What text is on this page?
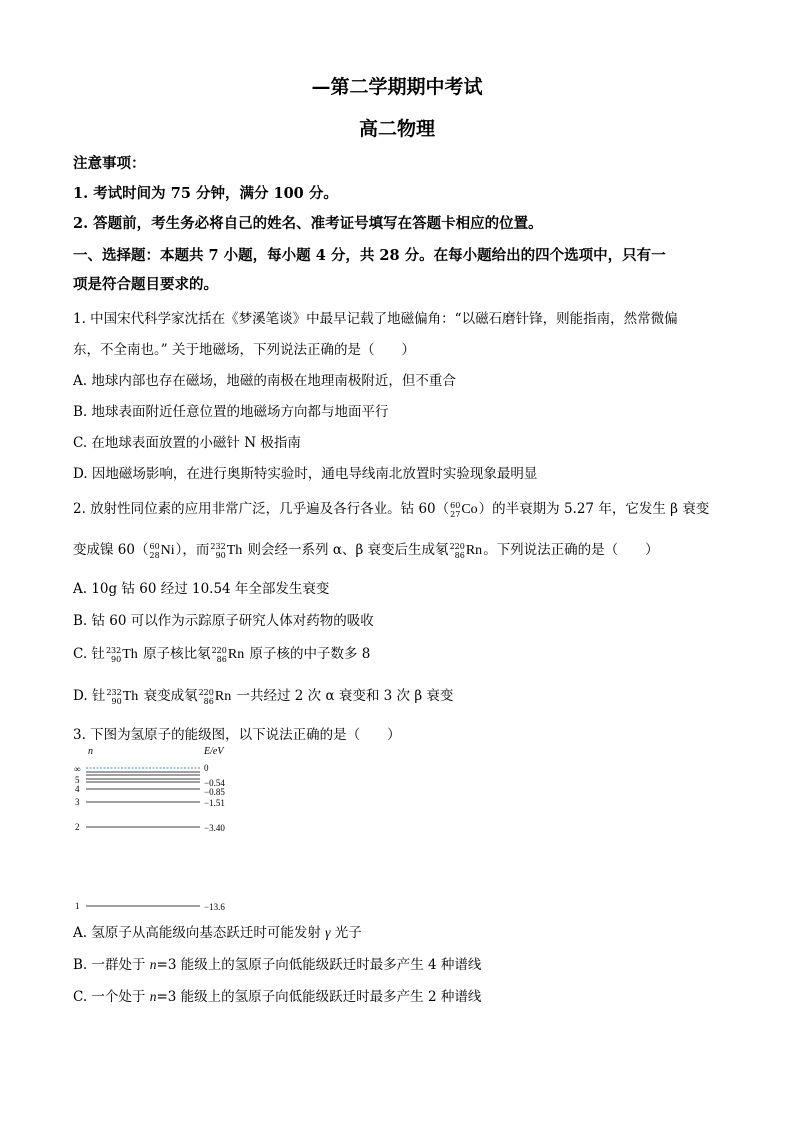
—第二学期期中考试
高二物理
注意事项：
1. 考试时间为 75 分钟，满分 100 分。
2. 答题前，考生务必将自己的姓名、准考证号填写在答题卡相应的位置。
一、选择题：本题共 7 小题，每小题 4 分，共 28 分。在每小题给出的四个选项中，只有一
项是符合题目要求的。
1. 中国宋代科学家沈括在《梦溪笔谈》中最早记载了地磁偏角：“以磁石磨针锋，则能指南，然常微偏
东，不全南也。” 关于地磁场，下列说法正确的是（　　）
A. 地球内部也存在磁场，地磁的南极在地理南极附近，但不重合
B. 地球表面附近任意位置的地磁场方向都与地面平行
C. 在地球表面放置的小磁针 N 极指南
D. 因地磁场影响，在进行奥斯特实验时，通电导线南北放置时实验现象最明显
2. 放射性同位素的应用非常广泛，几乎遍及各行各业。钴 60（ 60
27 Co ）的半衰期为 5.27 年，它发生 β 衰变
变成镍 60（ 60
28 Ni ），而 232
90 Th 则会经一系列 α、β 衰变后生成氡 220
86 Rn 。下列说法正确的是（　　）
A. 10g 钴 60 经过 10.54 年全部发生衰变
B. 钴 60 可以作为示踪原子研究人体对药物的吸收
C. 钍 232
90 Th 原子核比氡 220
86 Rn 原子核的中子数多 8
D. 钍 232
90 Th 衰变成氡 220
86 Rn 一共经过 2 次 α 衰变和 3 次 β 衰变
3. 下图为氢原子的能级图，以下说法正确的是（　　）
n	E/eV
∞
5
4
3
2
1
0
−0.54
−0.85
−1.51
−3.40
−13.6
A. 氢原子从高能级向基态跃迁时可能发射 γ 光子
B. 一群处于 n=3 能级上的氢原子向低能级跃迁时最多产生 4 种谱线
C. 一个处于 n=3 能级上的氢原子向低能级跃迁时最多产生 2 种谱线
